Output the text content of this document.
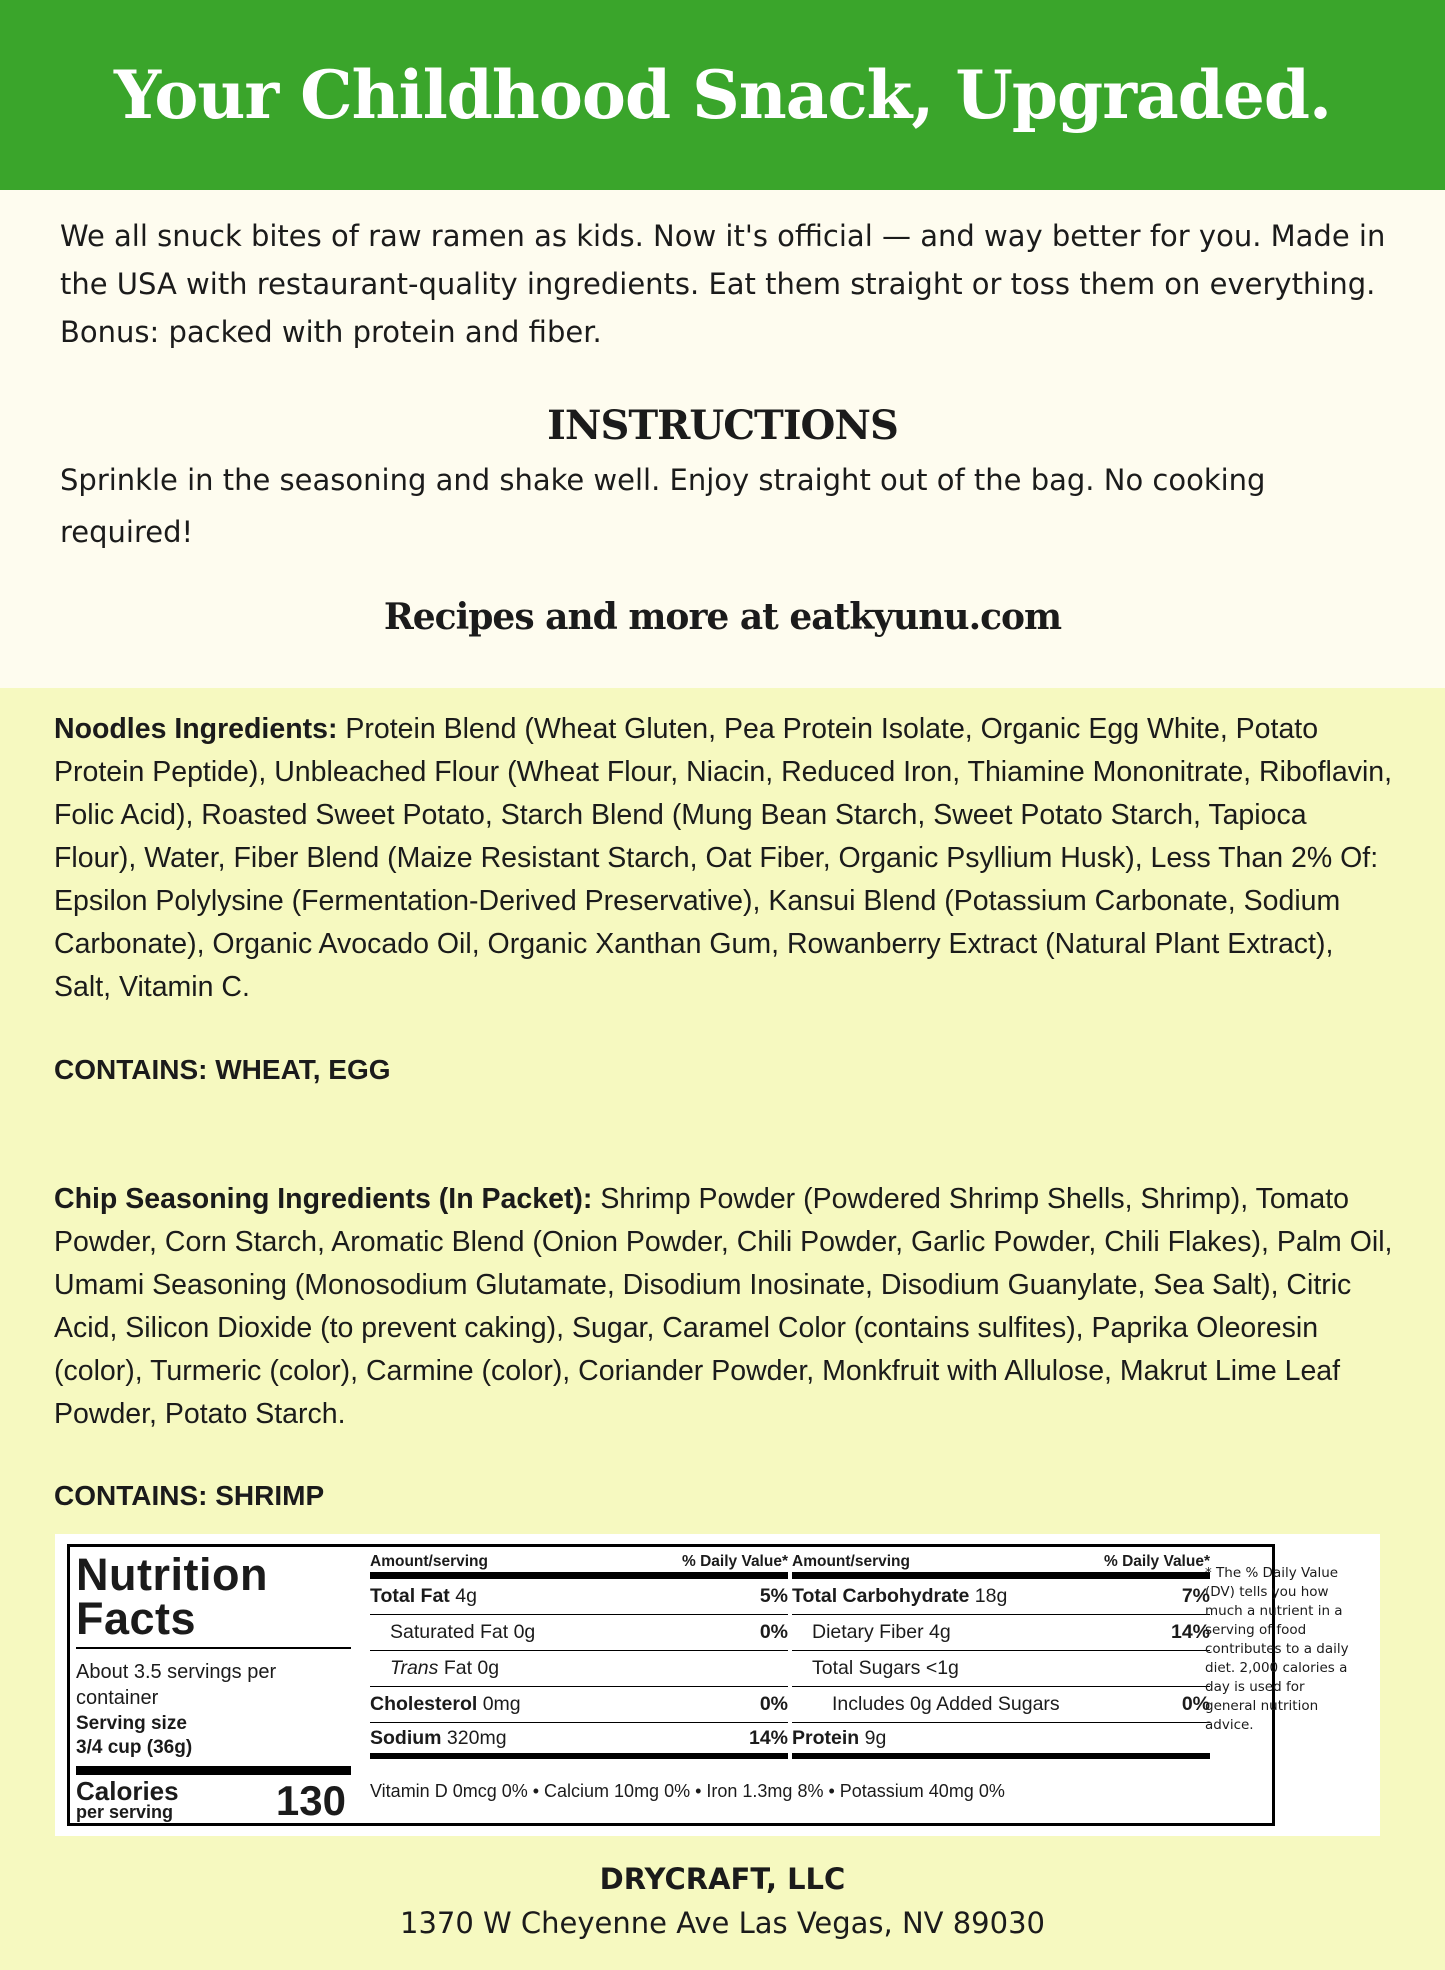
Your Childhood Snack, Upgraded.

We all snuck bites of raw ramen as kids. Now it's official — and way better for you. Made in the USA with restaurant-quality ingredients. Eat them straight or toss them on everything. Bonus: packed with protein and fiber.

INSTRUCTIONS

Sprinkle in the seasoning and shake well. Enjoy straight out of the bag. No cooking required!

Recipes and more at eatkyunu.com

Noodles Ingredients: Protein Blend (Wheat Gluten, Pea Protein Isolate, Organic Egg White, Potato Protein Peptide), Unbleached Flour (Wheat Flour, Niacin, Reduced Iron, Thiamine Mononitrate, Riboflavin, Folic Acid), Roasted Sweet Potato, Starch Blend (Mung Bean Starch, Sweet Potato Starch, Tapioca Flour), Water, Fiber Blend (Maize Resistant Starch, Oat Fiber, Organic Psyllium Husk), Less Than 2% Of: Epsilon Polylysine (Fermentation-Derived Preservative), Kansui Blend (Potassium Carbonate, Sodium Carbonate), Organic Avocado Oil, Organic Xanthan Gum, Rowanberry Extract (Natural Plant Extract), Salt, Vitamin C.

CONTAINS: WHEAT, EGG

Chip Seasoning Ingredients (In Packet): Shrimp Powder (Powdered Shrimp Shells, Shrimp), Tomato Powder, Corn Starch, Aromatic Blend (Onion Powder, Chili Powder, Garlic Powder, Chili Flakes), Palm Oil, Umami Seasoning (Monosodium Glutamate, Disodium Inosinate, Disodium Guanylate, Sea Salt), Citric Acid, Silicon Dioxide (to prevent caking), Sugar, Caramel Color (contains sulfites), Paprika Oleoresin (color), Turmeric (color), Carmine (color), Coriander Powder, Monkfruit with Allulose, Makrut Lime Leaf Powder, Potato Starch.

CONTAINS: SHRIMP

Nutrition
Facts
About 3.5 servings per container
Serving size
3/4 cup (36g)
Calories
per serving	130
Amount/serving	% Daily Value*
Total Fat 4g	5%
Saturated Fat 0g	0%
Trans Fat 0g
Cholesterol 0mg	0%
Sodium 320mg	14%
Amount/serving	% Daily Value*
Total Carbohydrate 18g	7%
Dietary Fiber 4g	14%
Total Sugars <1g
Includes 0g Added Sugars	0%
Protein 9g
Vitamin D 0mcg 0% • Calcium 10mg 0% • Iron 1.3mg 8% • Potassium 40mg 0%
* The % Daily Value (DV) tells you how much a nutrient in a serving of food contributes to a daily diet. 2,000 calories a day is used for general nutrition advice.
DRYCRAFT, LLC
1370 W Cheyenne Ave Las Vegas, NV 89030
